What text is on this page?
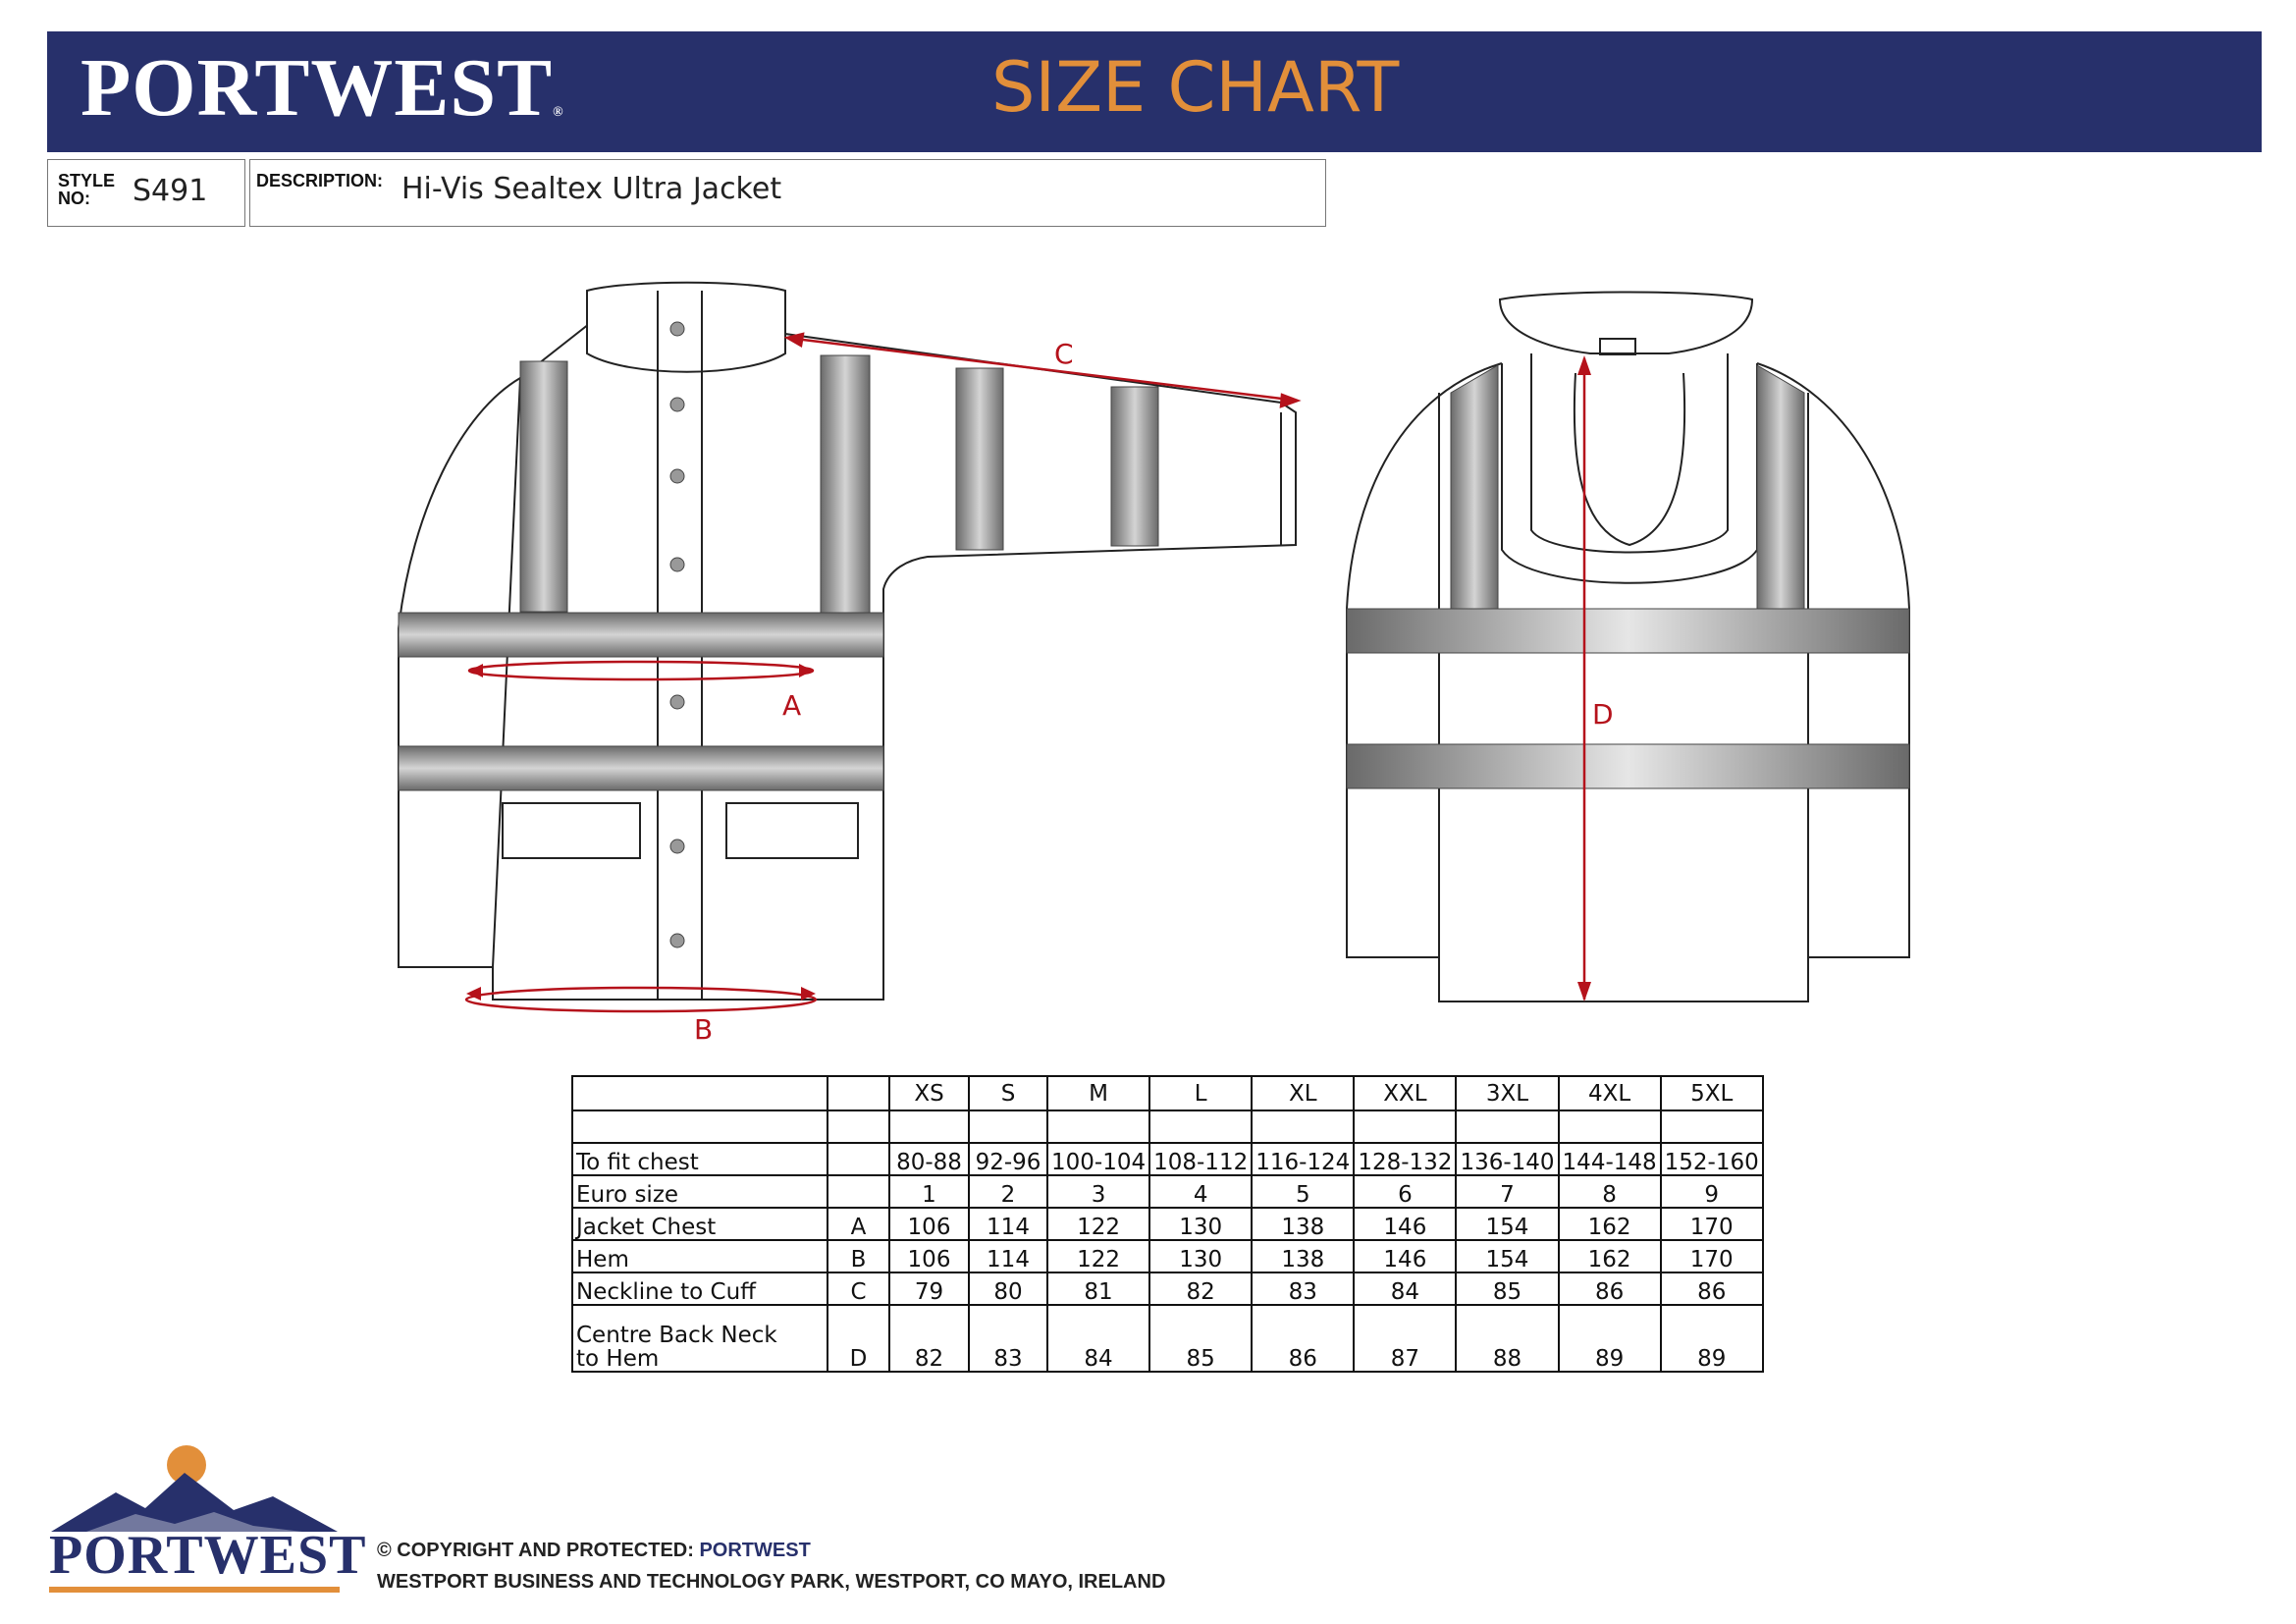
PORTWEST®	SIZE CHART
STYLE
NO:	S491	DESCRIPTION: Hi-Vis Sealtex Ultra Jacket
C
A
B
D
		XS	S	M	L	XL	XXL	3XL	4XL	5XL

To fit chest		80-88	92-96	100-104	108-112	116-124	128-132	136-140	144-148	152-160
Euro size		1	2	3	4	5	6	7	8	9
Jacket Chest	A	106	114	122	130	138	146	154	162	170
Hem	B	106	114	122	130	138	146	154	162	170
Neckline to Cuff	C	79	80	81	82	83	84	85	86	86

Centre Back Neck
to Hem	D	82	83	84	85	86	87	88	89	89
PORTWEST © COPYRIGHT AND PROTECTED: PORTWEST
WESTPORT BUSINESS AND TECHNOLOGY PARK, WESTPORT, CO MAYO, IRELAND
